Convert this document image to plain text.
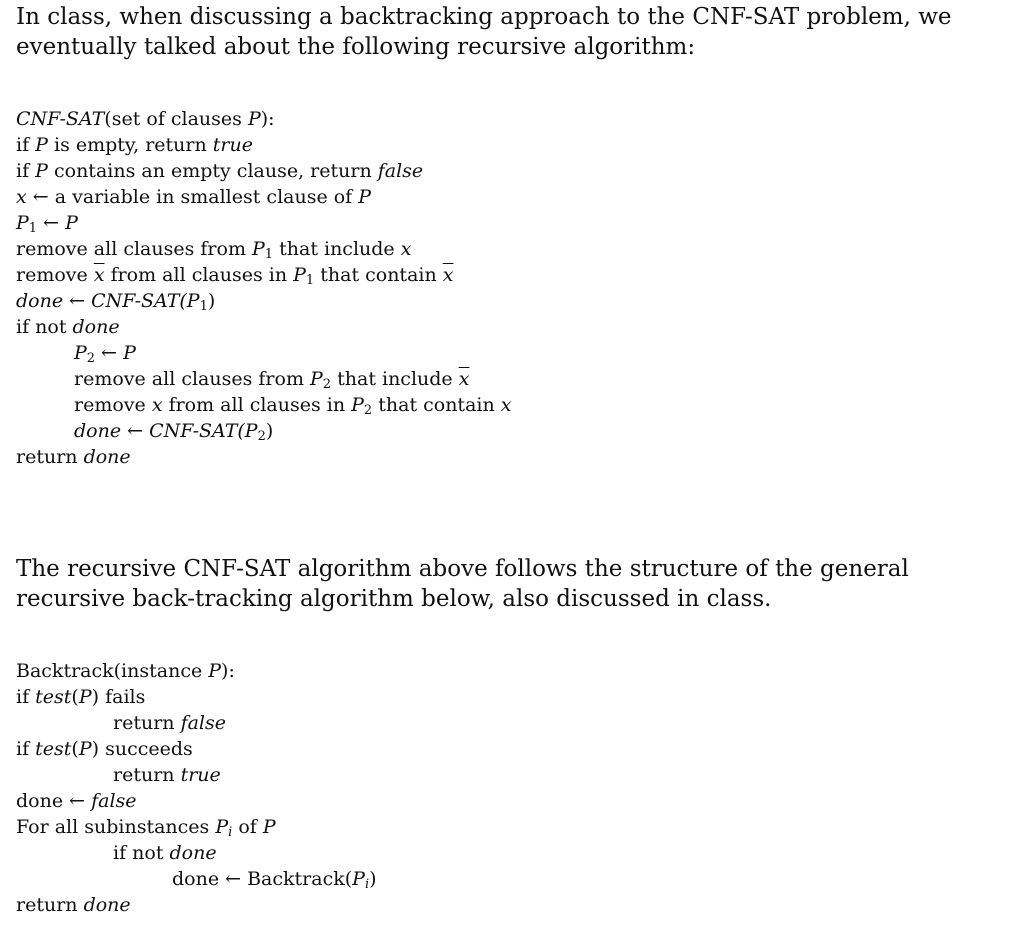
In class, when discussing a backtracking approach to the CNF-SAT problem, we eventually talked about the following recursive algorithm:

CNF-SAT(set of clauses P):
if P is empty, return true
if P contains an empty clause, return false
x ← a variable in smallest clause of P
$P_1$ ← P
remove all clauses from $P_1$ that include x
remove $\overline{x}$ from all clauses in $P_1$ that contain $\overline{x}$
done ← CNF-$SAT(P_1)$
if not done
$P_2$ ← P
remove all clauses from $P_2$ that include $\overline{x}$
remove x from all clauses in $P_2$ that contain x
done ← CNF-$SAT(P_2)$
return done

The recursive CNF-SAT algorithm above follows the structure of the general recursive back-tracking algorithm below, also discussed in class.

Backtrack(instance P):
if test(P) fails
return false
if test(P) succeeds
return true
done ← false
For all subinstances $P_i$ of P
if not done
done ← $Backtrack(P_i)$
return done
